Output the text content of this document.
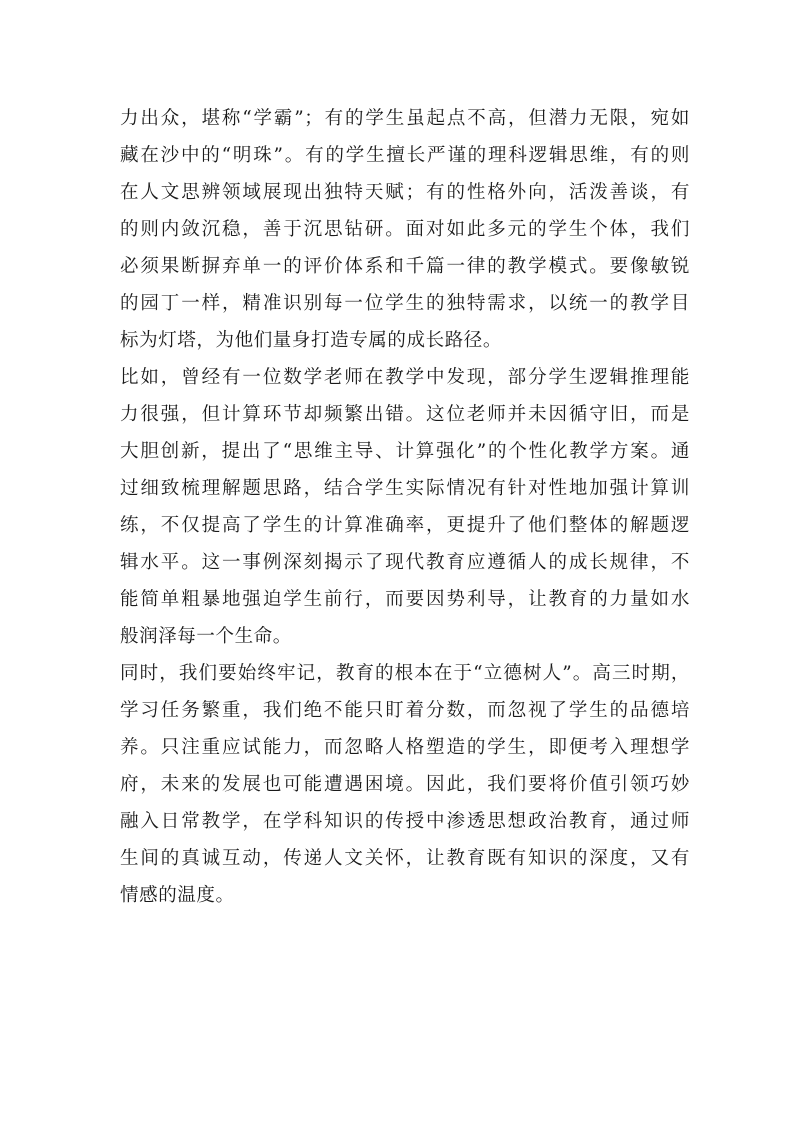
力出众，堪称“学霸”；有的学生虽起点不高，但潜力无限，宛如
藏在沙中的“明珠”。有的学生擅长严谨的理科逻辑思维，有的则
在人文思辨领域展现出独特天赋；有的性格外向，活泼善谈，有
的则内敛沉稳，善于沉思钻研。面对如此多元的学生个体，我们
必须果断摒弃单一的评价体系和千篇一律的教学模式。要像敏锐
的园丁一样，精准识别每一位学生的独特需求，以统一的教学目
标为灯塔，为他们量身打造专属的成长路径。
比如，曾经有一位数学老师在教学中发现，部分学生逻辑推理能
力很强，但计算环节却频繁出错。这位老师并未因循守旧，而是
大胆创新，提出了“思维主导、计算强化”的个性化教学方案。通
过细致梳理解题思路，结合学生实际情况有针对性地加强计算训
练，不仅提高了学生的计算准确率，更提升了他们整体的解题逻
辑水平。这一事例深刻揭示了现代教育应遵循人的成长规律，不
能简单粗暴地强迫学生前行，而要因势利导，让教育的力量如水
般润泽每一个生命。
同时，我们要始终牢记，教育的根本在于“立德树人”。高三时期，
学习任务繁重，我们绝不能只盯着分数，而忽视了学生的品德培
养。只注重应试能力，而忽略人格塑造的学生，即便考入理想学
府，未来的发展也可能遭遇困境。因此，我们要将价值引领巧妙
融入日常教学，在学科知识的传授中渗透思想政治教育，通过师
生间的真诚互动，传递人文关怀，让教育既有知识的深度，又有
情感的温度。
